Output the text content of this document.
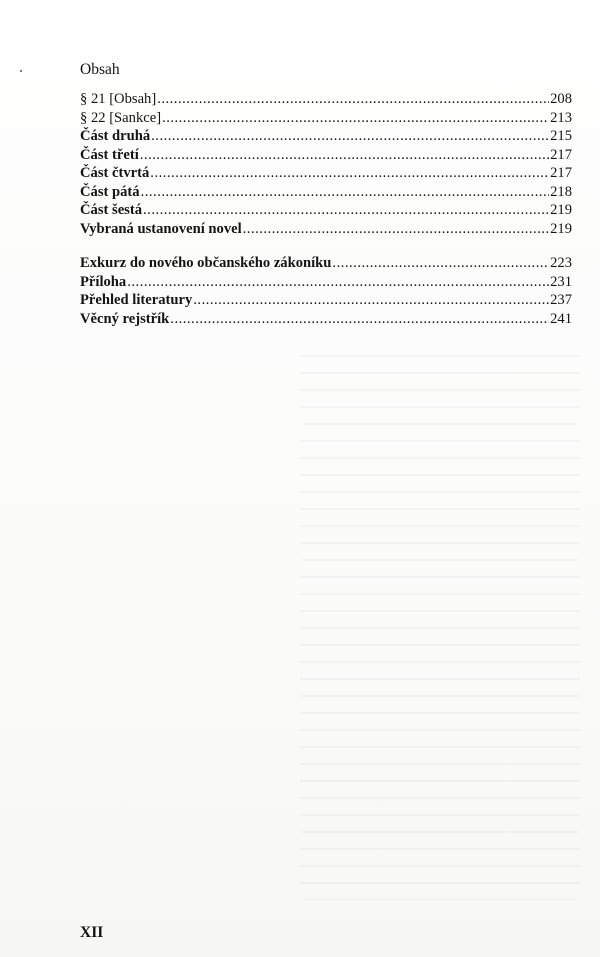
Obsah
§ 21 [Obsah] .....	208
§ 22 [Sankce] .....	213
Část druhá .....	215
Část třetí .....	217
Část čtvrtá .....	217
Část pátá .....	218
Část šestá .....	219
Vybraná ustanovení novel .....	219
Exkurz do nového občanského zákoníku .....	223
Příloha .....	231
Přehled literatury .....	237
Věcný rejstřík .....	241
XII
